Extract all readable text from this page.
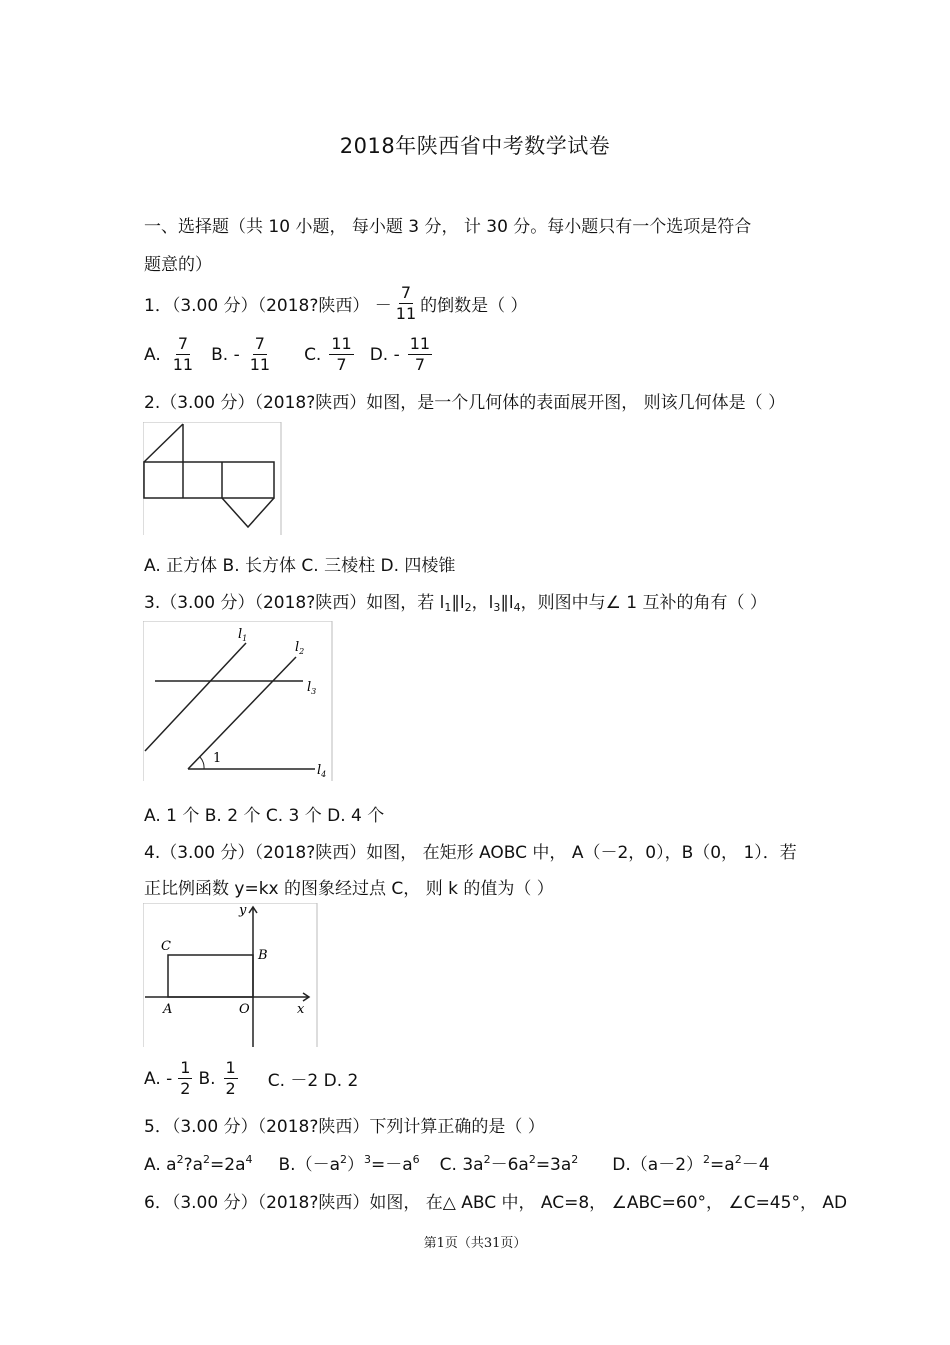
2018年陕西省中考数学试卷
一、选择题（共 10 小题， 每小题 3 分， 计 30 分。每小题只有一个选项是符合
题意的）
1．（3.00 分）（2018?陕西） － $\frac{7}{11}$ 的倒数是（ ）
A. $\frac{7}{11} B$. - $\frac{7}{11} C$. $\frac{11}{7} D$. - $\frac{11}{7}$
2.（3.00 分）（2018?陕西）如图，是一个几何体的表面展开图， 则该几何体是（ ）
A. 正方体 B. 长方体 C. 三棱柱 D. 四棱锥
3.（3.00 分）（2018?陕西）如图，若 $l_1\parallel l_2$，$l_3\parallel l_4$，则图中与∠ 1 互补的角有（ ）
$l_1$
$l_2$
$l_3$
$l_4$
1
A. 1 个 B. 2 个 C. 3 个 D. 4 个
4.（3.00 分）（2018?陕西）如图， 在矩形 AOBC 中， A（－2，0），B（0， 1）．若
正比例函数 y=kx 的图象经过点 C， 则 k 的值为（ ）
y
x
C
B
A	O
A. - $\frac{1}{2} B$. $\frac{1}{2} C$. －2 D. 2
5．（3.00 分）（2018?陕西）下列计算正确的是（ ）
A. $a^2?a^2=2a^4$ $B.(-a^2)^3=-a^6$ C. $3a^2-6a^2=3a^2$ $D.(a-2)^2=a^2-4$
6．（3.00 分）（2018?陕西）如图， 在△ ABC 中， AC=8， ∠ABC=60°， ∠C=45°， AD
第1页（共31页）
